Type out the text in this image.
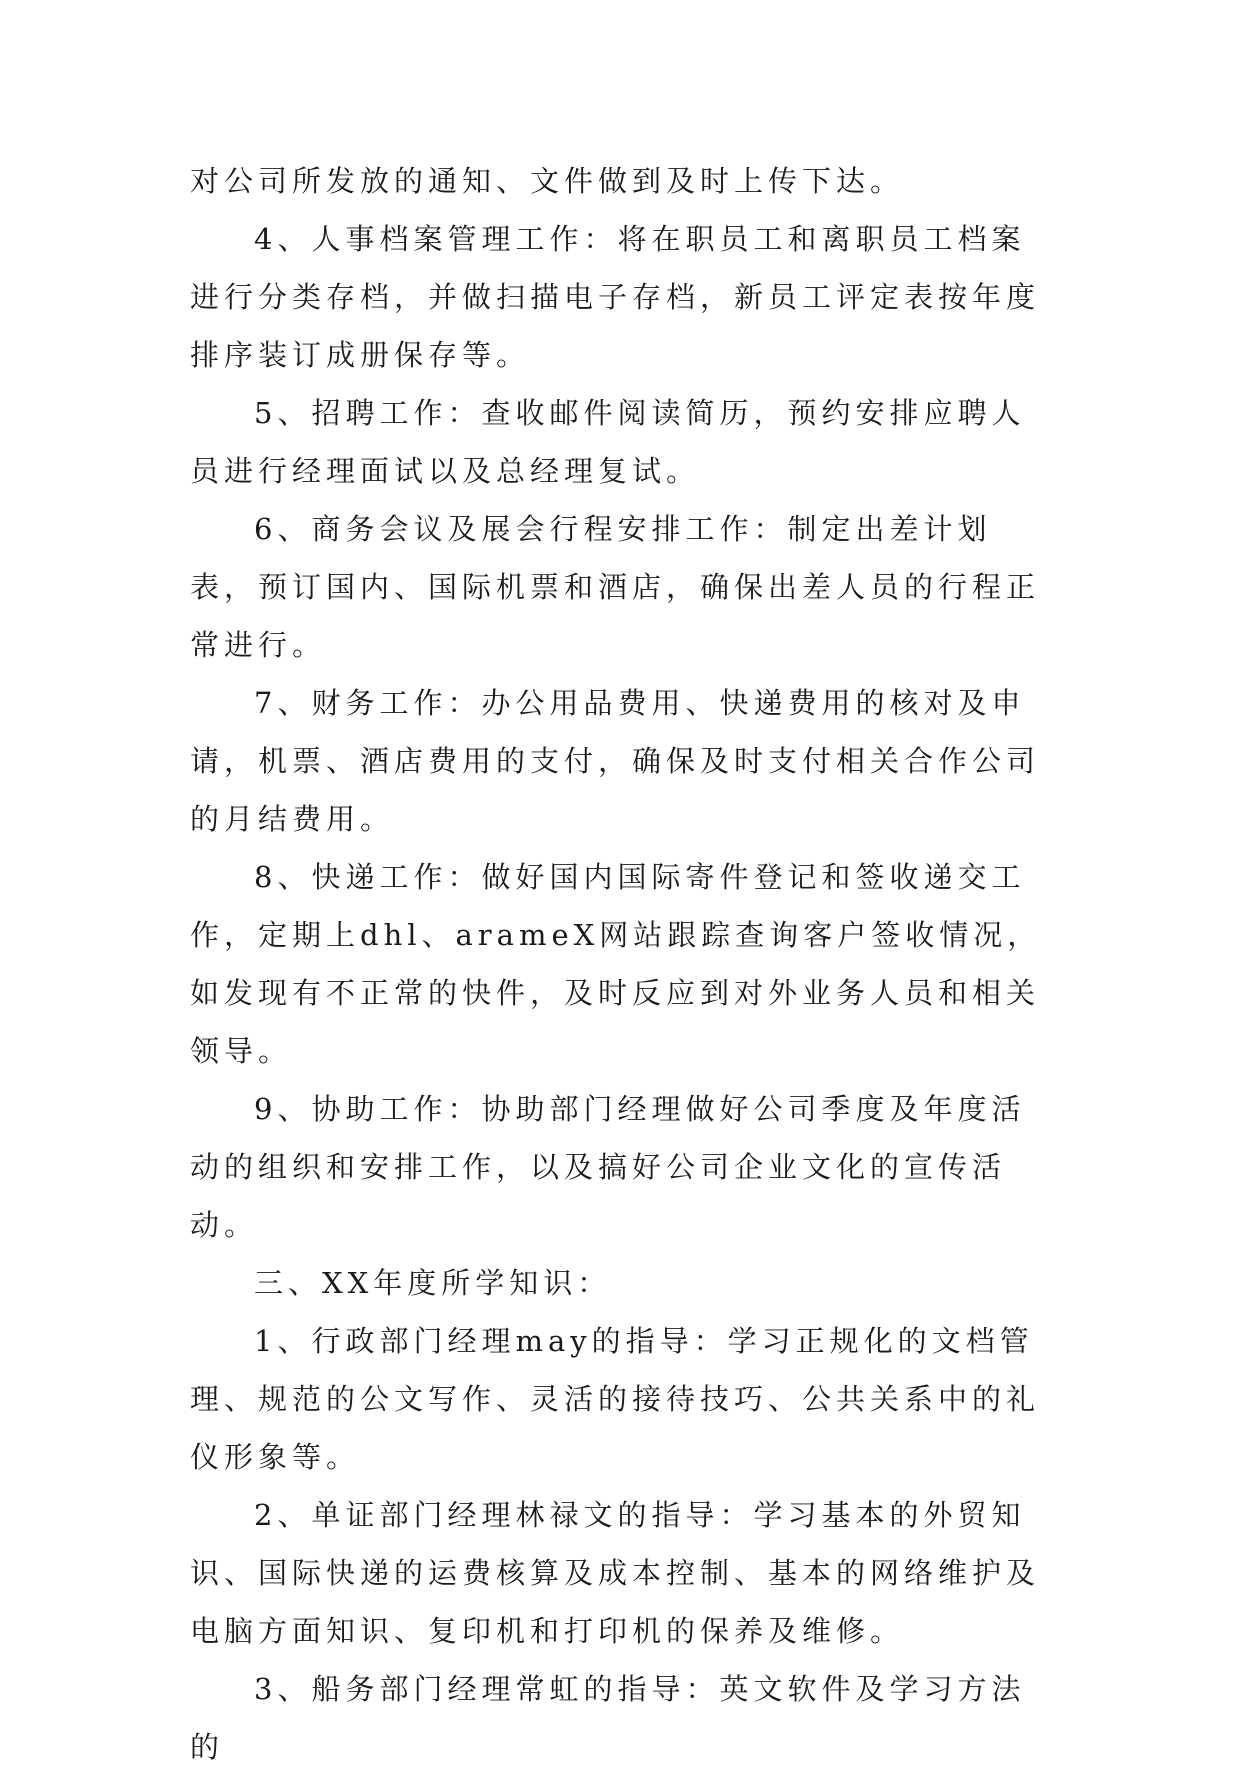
对公司所发放的通知、文件做到及时上传下达。

4、人事档案管理工作：将在职员工和离职员工档案进行分类存档，并做扫描电子存档，新员工评定表按年度排序装订成册保存等。

5、招聘工作：查收邮件阅读简历，预约安排应聘人员进行经理面试以及总经理复试。

6、商务会议及展会行程安排工作：制定出差计划表，预订国内、国际机票和酒店，确保出差人员的行程正常进行。

7、财务工作：办公用品费用、快递费用的核对及申请，机票、酒店费用的支付，确保及时支付相关合作公司的月结费用。

8、快递工作：做好国内国际寄件登记和签收递交工作，定期上dhl、arameX网站跟踪查询客户签收情况，如发现有不正常的快件，及时反应到对外业务人员和相关领导。

9、协助工作：协助部门经理做好公司季度及年度活动的组织和安排工作，以及搞好公司企业文化的宣传活动。

三、XX年度所学知识：

1、行政部门经理may的指导：学习正规化的文档管理、规范的公文写作、灵活的接待技巧、公共关系中的礼仪形象等。

2、单证部门经理林禄文的指导：学习基本的外贸知识、国际快递的运费核算及成本控制、基本的网络维护及电脑方面知识、复印机和打印机的保养及维修。

3、船务部门经理常虹的指导：英文软件及学习方法的
